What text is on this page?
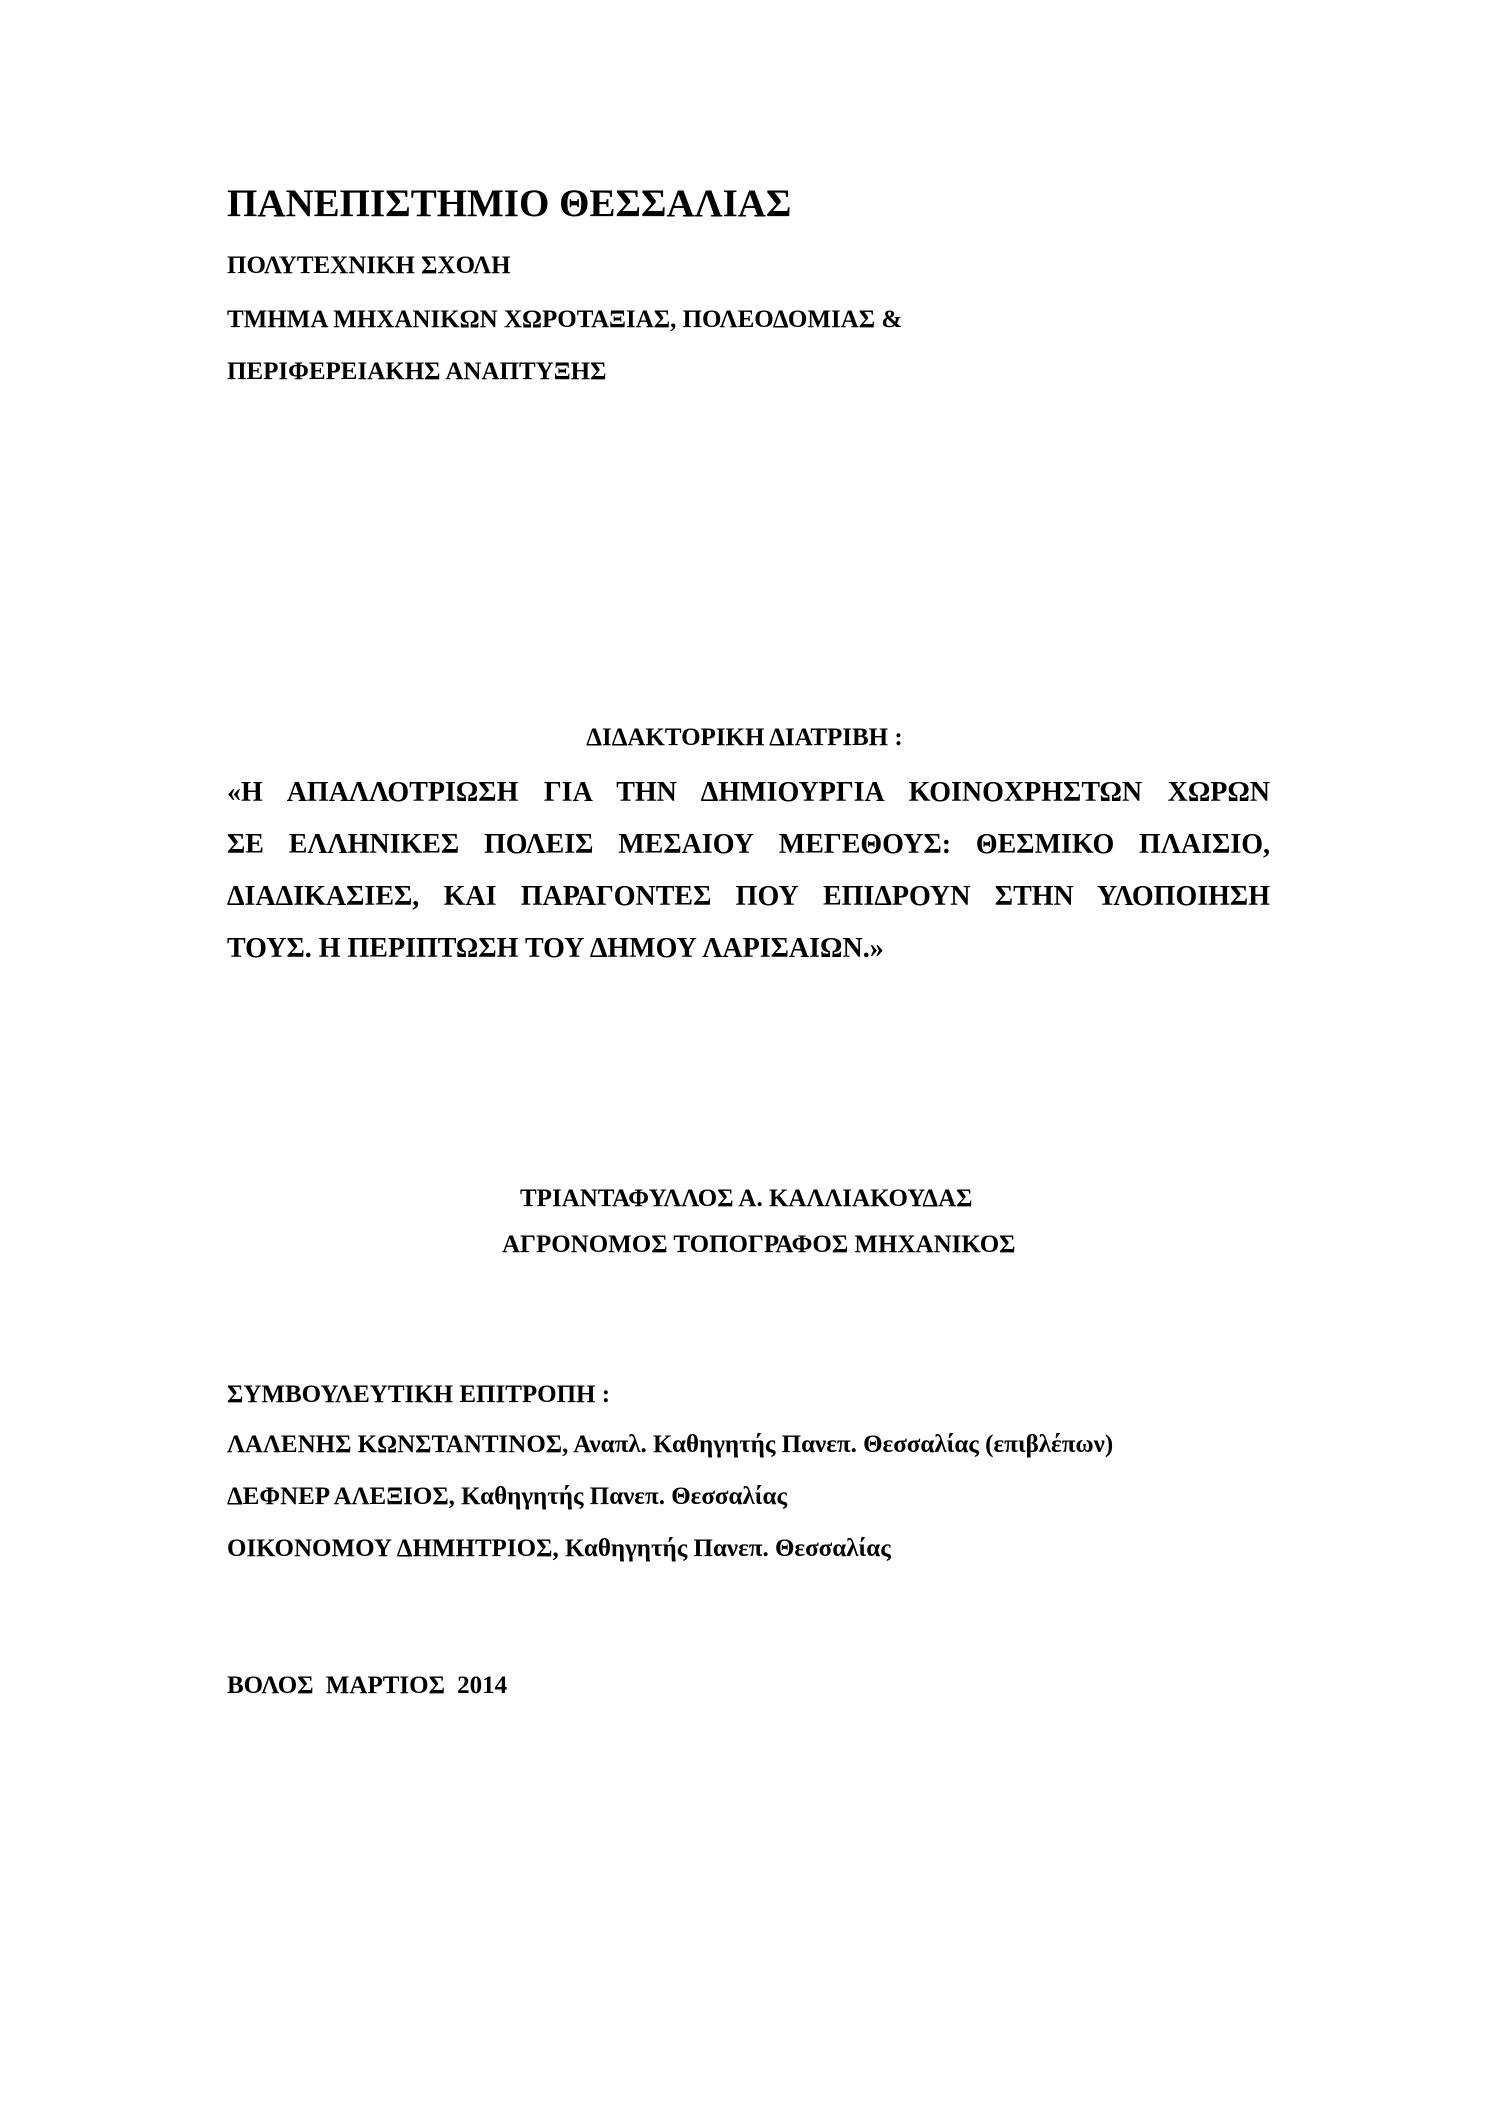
ΠΑΝΕΠΙΣΤΗΜΙΟ ΘΕΣΣΑΛΙΑΣ

ΠΟΛΥΤΕΧΝΙΚΗ ΣΧΟΛΗ

ΤΜΗΜΑ ΜΗΧΑΝΙΚΩΝ ΧΩΡΟΤΑΞΙΑΣ, ΠΟΛΕΟΔΟΜΙΑΣ &

ΠΕΡΙΦΕΡΕΙΑΚΗΣ ΑΝΑΠΤΥΞΗΣ

ΔΙΔΑΚΤΟΡΙΚΗ ΔΙΑΤΡΙΒΗ :

«Η ΑΠΑΛΛΟΤΡΙΩΣΗ ΓΙΑ ΤΗΝ ΔΗΜΙΟΥΡΓΙΑ ΚΟΙΝΟΧΡΗΣΤΩΝ ΧΩΡΩΝ
ΣΕ ΕΛΛΗΝΙΚΕΣ ΠΟΛΕΙΣ ΜΕΣΑΙΟΥ ΜΕΓΕΘΟΥΣ: ΘΕΣΜΙΚΟ ΠΛΑΙΣΙΟ,
ΔΙΑΔΙΚΑΣΙΕΣ, ΚΑΙ ΠΑΡΑΓΟΝΤΕΣ ΠΟΥ ΕΠΙΔΡΟΥΝ ΣΤΗΝ ΥΛΟΠΟΙΗΣΗ
ΤΟΥΣ. Η ΠΕΡΙΠΤΩΣΗ ΤΟΥ ΔΗΜΟΥ ΛΑΡΙΣΑΙΩΝ.»

ΤΡΙΑΝΤΑΦΥΛΛΟΣ Α. ΚΑΛΛΙΑΚΟΥΔΑΣ

ΑΓΡΟΝΟΜΟΣ ΤΟΠΟΓΡΑΦΟΣ ΜΗΧΑΝΙΚΟΣ

ΣΥΜΒΟΥΛΕΥΤΙΚΗ ΕΠΙΤΡΟΠΗ :

ΛΑΛΕΝΗΣ ΚΩΝΣΤΑΝΤΙΝΟΣ, Αναπλ. Καθηγητής Πανεπ. Θεσσαλίας (επιβλέπων)

ΔΕΦΝΕΡ ΑΛΕΞΙΟΣ, Καθηγητής Πανεπ. Θεσσαλίας

ΟΙΚΟΝΟΜΟΥ ΔΗΜΗΤΡΙΟΣ, Καθηγητής Πανεπ. Θεσσαλίας

ΒΟΛΟΣ ΜΑΡΤΙΟΣ 2014
